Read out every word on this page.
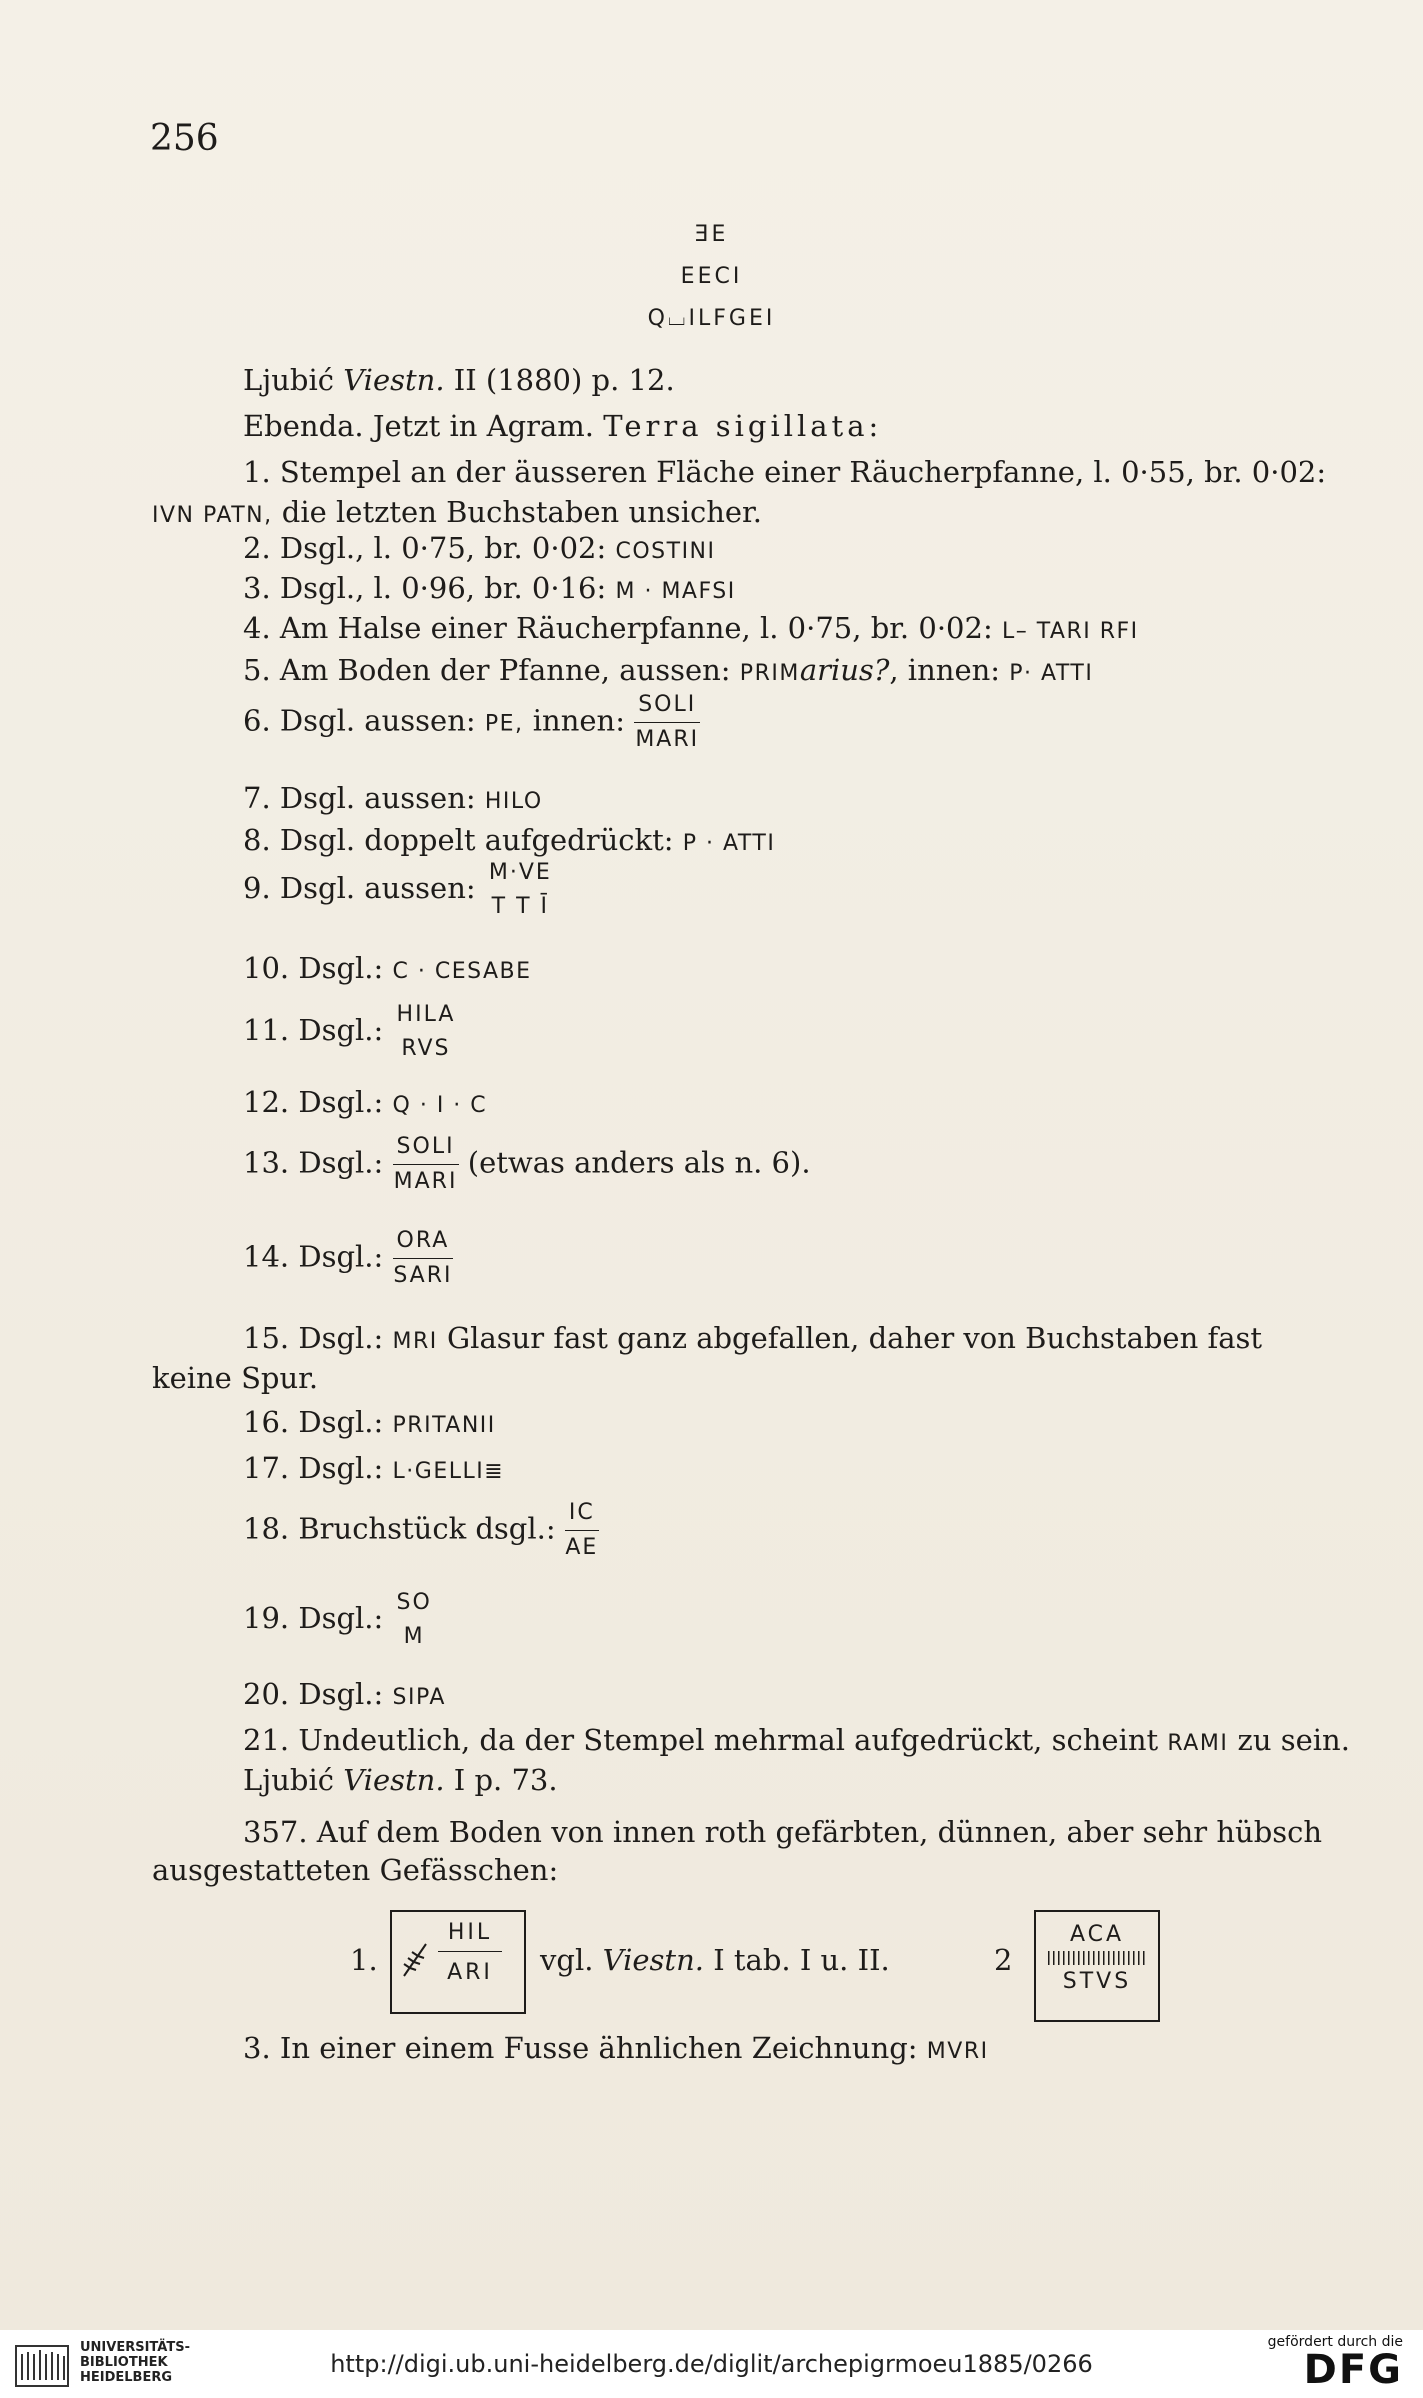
256
ƎE
EECI
Q⌴ILFGEI
Ljubić Viestn. II (1880) p. 12.
Ebenda. Jetzt in Agram. Terra sigillata:
1. Stempel an der äusseren Fläche einer Räucherpfanne, l. 0·55, br. 0·02:
IVN PATN, die letzten Buchstaben unsicher.
2. Dsgl., l. 0·75, br. 0·02: COSTINI
3. Dsgl., l. 0·96, br. 0·16: M · MAFSI
4. Am Halse einer Räucherpfanne, l. 0·75, br. 0·02: L– TARI RFI
5. Am Boden der Pfanne, aussen: PRIMarius?, innen: P· ATTI
6. Dsgl. aussen: PE, innen: $\frac{\text{SOLI}}{\text{MARI}}$
7. Dsgl. aussen: HILO
8. Dsgl. doppelt aufgedrückt: P · ATTI
9. Dsgl. aussen: M·VE
T T Ī
10. Dsgl.: C · CESABE
11. Dsgl.: HILA
RVS
12. Dsgl.: Q · I · C
13. Dsgl.: $\frac{\text{SOLI}}{\text{MARI}}$ (etwas anders als n. 6).
14. Dsgl.: $\frac{\text{ORA}}{\text{SARI}}$
15. Dsgl.: MRI Glasur fast ganz abgefallen, daher von Buchstaben fast
keine Spur.
16. Dsgl.: PRITANII
17. Dsgl.: L·GELLI≣
18. Bruchstück dsgl.: $\frac{IC}{AE}$
19. Dsgl.: SO
M
20. Dsgl.: SIPA
21. Undeutlich, da der Stempel mehrmal aufgedrückt, scheint RAMI zu sein.
Ljubić Viestn. I p. 73.
357. Auf dem Boden von innen roth gefärbten, dünnen, aber sehr hübsch
ausgestatteten Gefässchen:
1.
HIL
ARI	vgl. Viestn. I tab. I u. II.	2
ACA
STVS
3. In einer einem Fusse ähnlichen Zeichnung: MVRI
UNIVERSITÄTS-
BIBLIOTHEK
HEIDELBERG	http://digi.ub.uni-heidelberg.de/diglit/archepigrmoeu1885/0266
gefördert durch die
DFG
